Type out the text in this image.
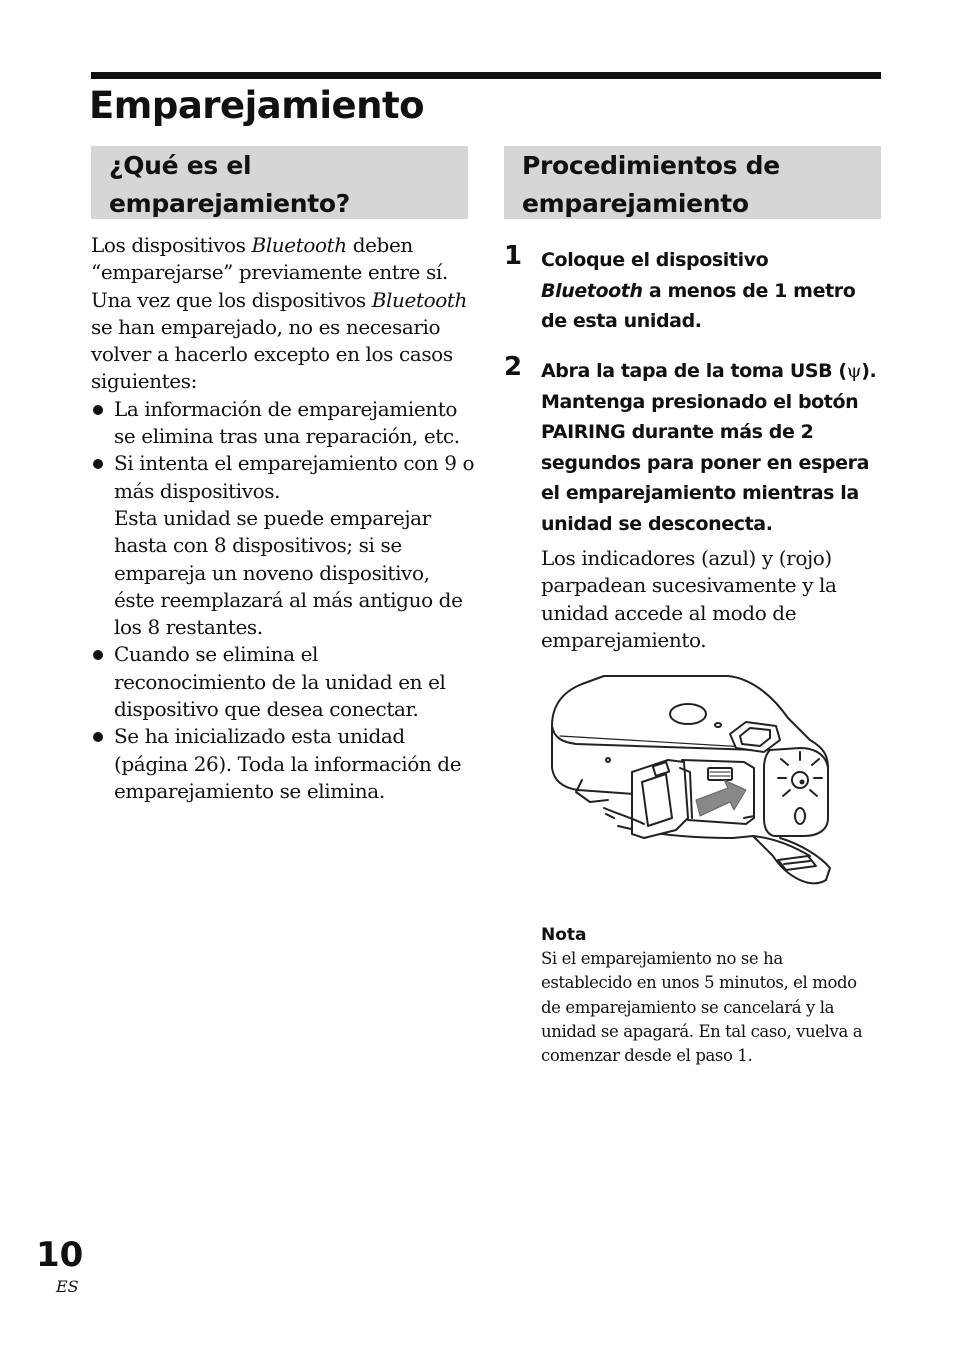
Emparejamiento
¿Qué es el
emparejamiento?
Procedimientos de
emparejamiento
Los dispositivos Bluetooth deben
“emparejarse” previamente entre sí.
Una vez que los dispositivos Bluetooth
se han emparejado, no es necesario
volver a hacerlo excepto en los casos
siguientes:
La información de emparejamiento
se elimina tras una reparación, etc.
Si intenta el emparejamiento con 9 o
más dispositivos.
Esta unidad se puede emparejar
hasta con 8 dispositivos; si se
empareja un noveno dispositivo,
éste reemplazará al más antiguo de
los 8 restantes.
Cuando se elimina el
reconocimiento de la unidad en el
dispositivo que desea conectar.
Se ha inicializado esta unidad
(página 26). Toda la información de
emparejamiento se elimina.
1 Coloque el dispositivo
Bluetooth a menos de 1 metro
de esta unidad.
2 Abra la tapa de la toma USB (ψ).
Mantenga presionado el botón
PAIRING durante más de 2
segundos para poner en espera
el emparejamiento mientras la
unidad se desconecta.
Los indicadores (azul) y (rojo)
parpadean sucesivamente y la
unidad accede al modo de
emparejamiento.
Nota
Si el emparejamiento no se ha
establecido en unos 5 minutos, el modo
de emparejamiento se cancelará y la
unidad se apagará. En tal caso, vuelva a
comenzar desde el paso 1.
10
ES
